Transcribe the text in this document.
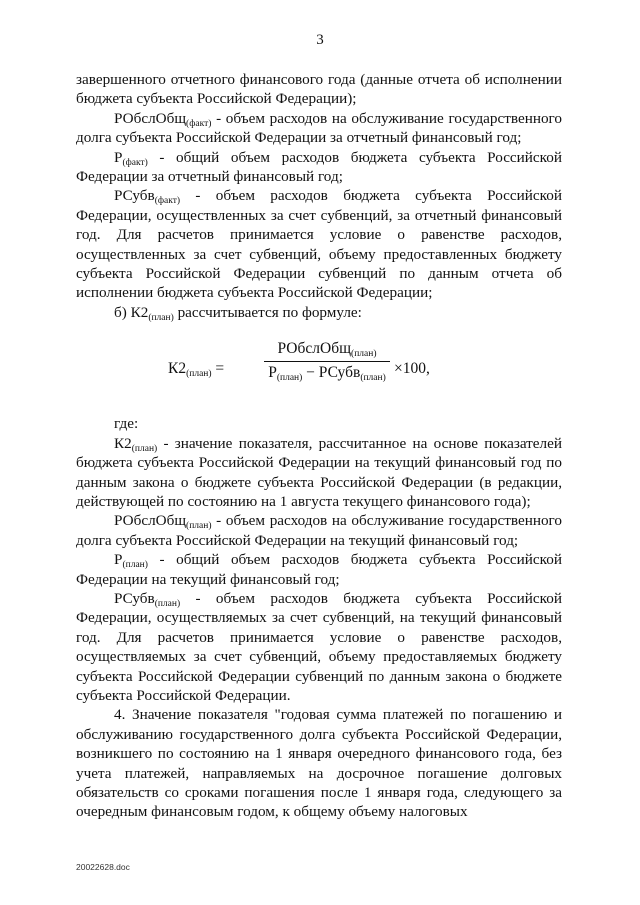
3

завершенного отчетного финансового года (данные отчета об исполнении бюджета субъекта Российской Федерации);

РОбслОбщ$_{(факт)}$ - объем расходов на обслуживание государственного долга субъекта Российской Федерации за отчетный финансовый год;

$Р_{(факт)}$ - общий объем расходов бюджета субъекта Российской Федерации за отчетный финансовый год;

РСубв$_{(факт)}$ - объем расходов бюджета субъекта Российской Федерации, осуществленных за счет субвенций, за отчетный финансовый год. Для расчетов принимается условие о равенстве расходов, осуществленных за счет субвенций, объему предоставленных бюджету субъекта Российской Федерации субвенций по данным отчета об исполнении бюджета субъекта Российской Федерации;

б) $К2_{(план)}$ рассчитывается по формуле:

$К2_{(план)}$ =
РОбслОбщ$_{(план)}$
$Р_{(план)}$ − РСубв$_{(план)}$
×100,

где:

$К2_{(план)}$ - значение показателя, рассчитанное на основе показателей бюджета субъекта Российской Федерации на текущий финансовый год по данным закона о бюджете субъекта Российской Федерации (в редакции, действующей по состоянию на 1 августа текущего финансового года);

РОбслОбщ$_{(план)}$ - объем расходов на обслуживание государственного долга субъекта Российской Федерации на текущий финансовый год;

$Р_{(план)}$ - общий объем расходов бюджета субъекта Российской Федерации на текущий финансовый год;

РСубв$_{(план)}$ - объем расходов бюджета субъекта Российской Федерации, осуществляемых за счет субвенций, на текущий финансовый год. Для расчетов принимается условие о равенстве расходов, осуществляемых за счет субвенций, объему предоставляемых бюджету субъекта Российской Федерации субвенций по данным закона о бюджете субъекта Российской Федерации.

4. Значение показателя "годовая сумма платежей по погашению и обслуживанию государственного долга субъекта Российской Федерации, возникшего по состоянию на 1 января очередного финансового года, без учета платежей, направляемых на досрочное погашение долговых обязательств со сроками погашения после 1 января года, следующего за очередным финансовым годом, к общему объему налоговых

20022628.doc
